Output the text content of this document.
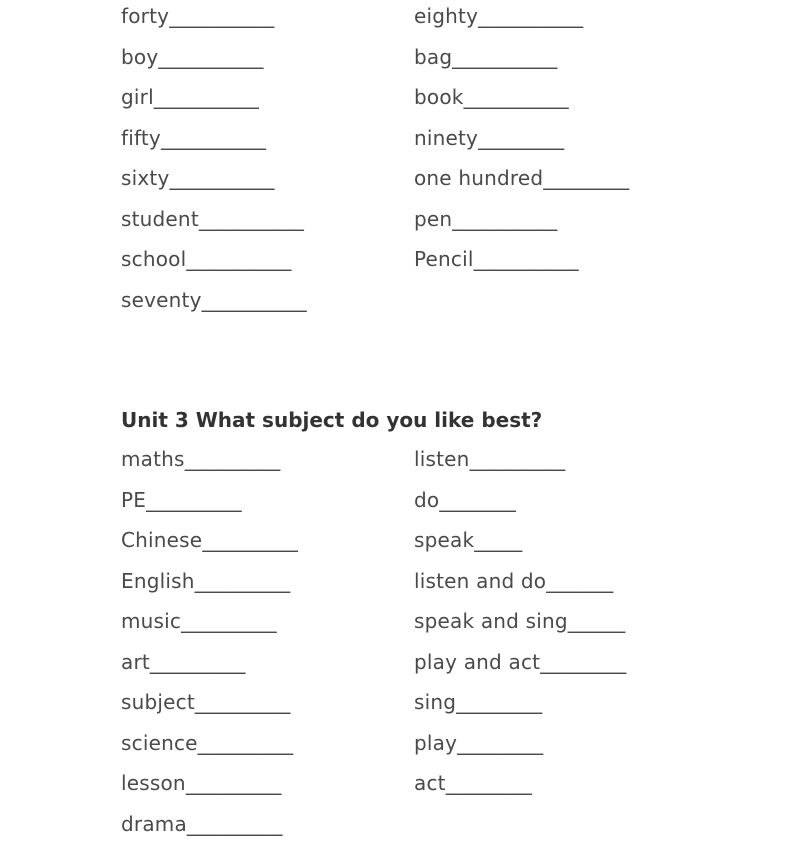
forty___________	eighty___________
boy___________	bag___________
girl___________	book___________
fifty___________	ninety_________
sixty___________	one hundred_________
student___________	pen___________
school___________	Pencil___________
seventy___________
Unit 3 What subject do you like best?
maths__________	listen__________
PE__________	do________
Chinese__________	speak_____
English__________	listen and do_______
music__________	speak and sing______
art__________	play and act_________
subject__________	sing_________
science__________	play_________
lesson__________	act_________
drama__________
